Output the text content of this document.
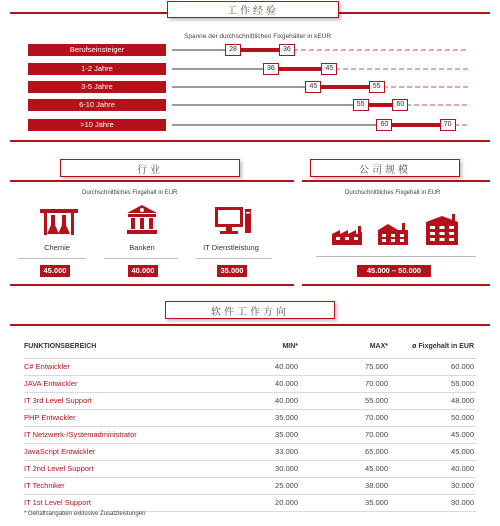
工作经验
Spanne der durchschnittlichen Fixgehälter in kEUR
Berufseinsteiger	28	36
1-2 Jahre	36	45
3-5 Jahre	45	55
6-10 Jahre	55	60
>10 Jahre	60	70
行业
Durchschnittliches Fixgehalt in EUR
Chemie	Banken	IT Dienstleistung
45.000	40.000	35.000
公司规模
Durchschnittliches Fixgehalt in EUR
45.000 – 50.000
软件工作方向
FUNKTIONSBEREICH	MIN*	MAX*	ø Fixgehalt in EUR
C# Entwickler	40.000	75.000	60.000
JAVA Entwickler	40.000	70.000	55.000
IT 3rd Level Support	40.000	55.000	48.000
PHP Entwickler	35.000	70.000	50.000
IT Netzwerk-/Systemadministrator	35.000	70.000	45.000
JavaScript Entwickler	33.000	65.000	45.000
IT 2nd Level Support	30.000	45.000	40.000
IT Techniker	25.000	38.000	30.000
IT 1st Level Support	20.000	35.000	30.000
* Gehaltsangaben exklusive Zusatzleistungen
